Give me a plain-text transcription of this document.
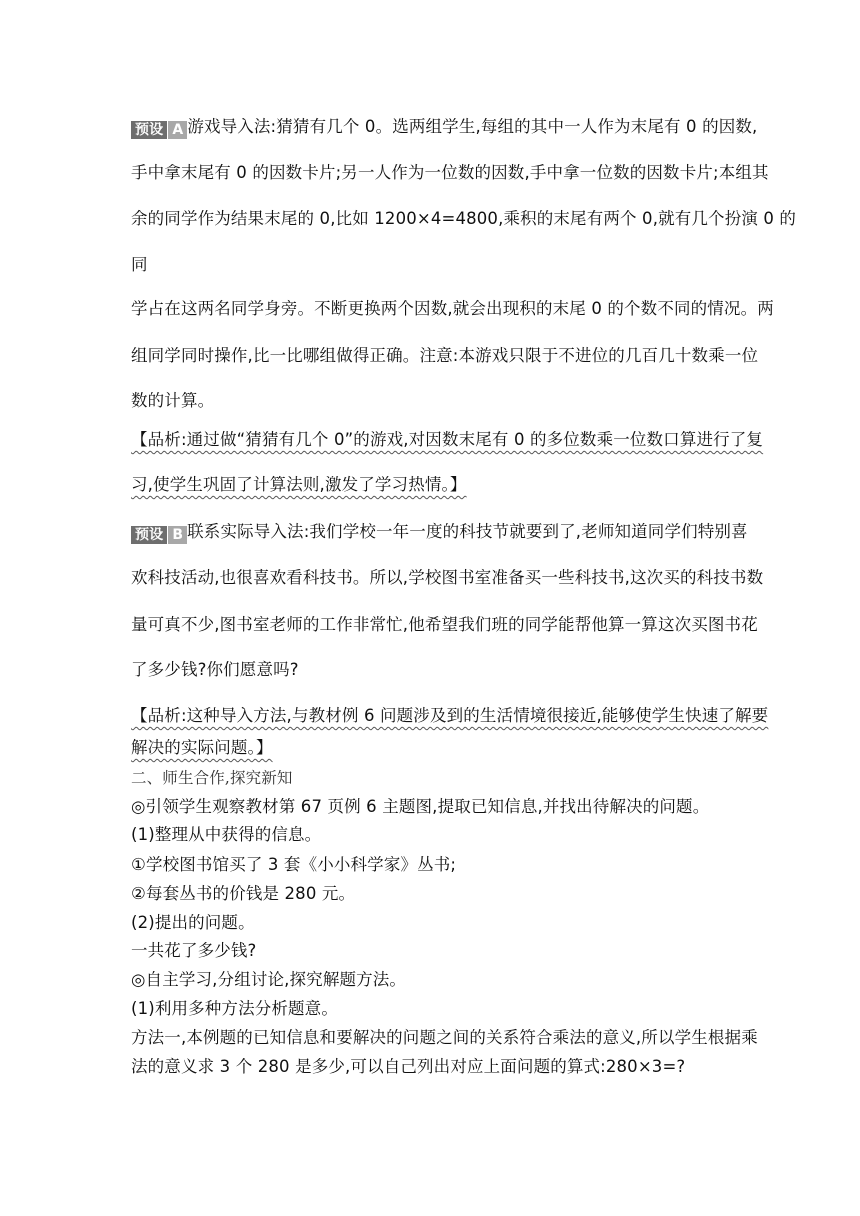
预设 A 游戏导入法:猜猜有几个 0。选两组学生,每组的其中一人作为末尾有 0 的因数,
手中拿末尾有 0 的因数卡片;另一人作为一位数的因数,手中拿一位数的因数卡片;本组其
余的同学作为结果末尾的 0,比如 1200×4=4800,乘积的末尾有两个 0,就有几个扮演 0 的
同
学占在这两名同学身旁。不断更换两个因数,就会出现积的末尾 0 的个数不同的情况。两
组同学同时操作,比一比哪组做得正确。注意:本游戏只限于不进位的几百几十数乘一位
数的计算。
【品析:通过做“猜猜有几个 0”的游戏,对因数末尾有 0 的多位数乘一位数口算进行了复
习,使学生巩固了计算法则,激发了学习热情。】
预设 B 联系实际导入法:我们学校一年一度的科技节就要到了,老师知道同学们特别喜
欢科技活动,也很喜欢看科技书。所以,学校图书室准备买一些科技书,这次买的科技书数
量可真不少,图书室老师的工作非常忙,他希望我们班的同学能帮他算一算这次买图书花
了多少钱?你们愿意吗?
【品析:这种导入方法,与教材例 6 问题涉及到的生活情境很接近,能够使学生快速了解要
解决的实际问题。】
二、师生合作,探究新知
◎引领学生观察教材第 67 页例 6 主题图,提取已知信息,并找出待解决的问题。
(1)整理从中获得的信息。
①学校图书馆买了 3 套《小小科学家》丛书;
②每套丛书的价钱是 280 元。
(2)提出的问题。
一共花了多少钱?
◎自主学习,分组讨论,探究解题方法。
(1)利用多种方法分析题意。
方法一,本例题的已知信息和要解决的问题之间的关系符合乘法的意义,所以学生根据乘
法的意义求 3 个 280 是多少,可以自己列出对应上面问题的算式:280×3=?
